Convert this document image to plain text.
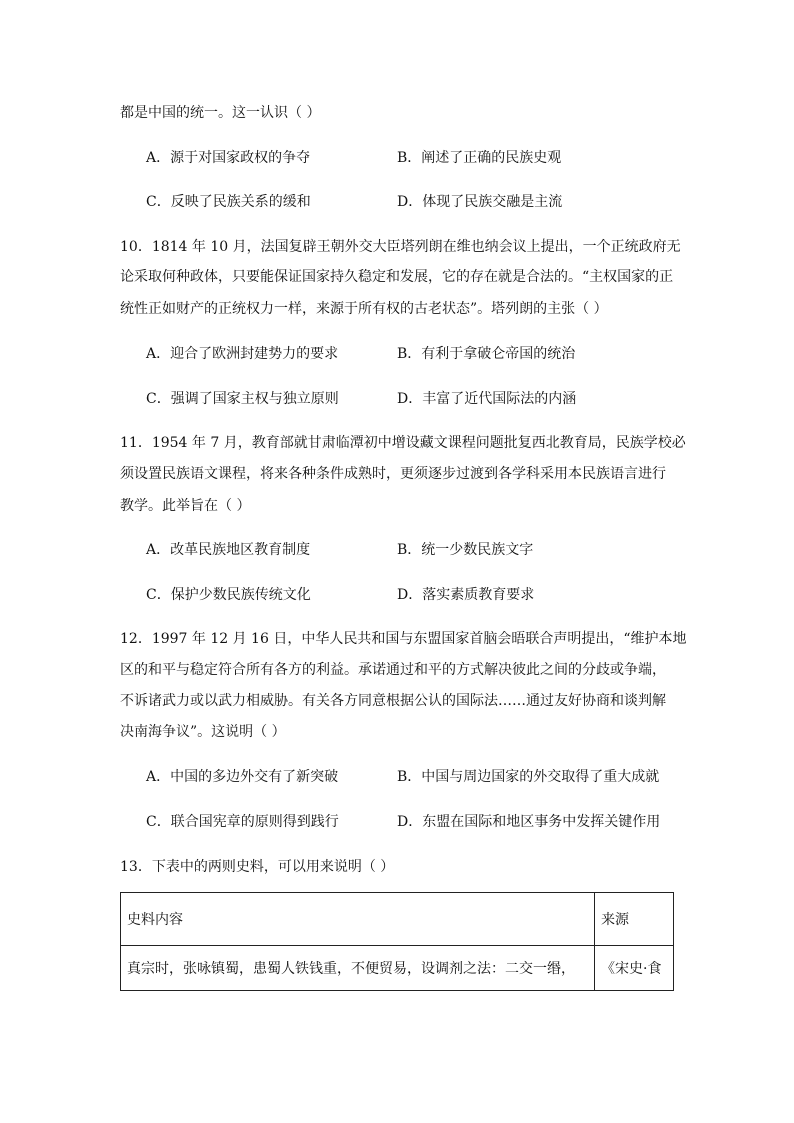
都是中国的统一。这一认识（ ）
A．源于对国家政权的争夺	B．阐述了正确的民族史观
C．反映了民族关系的缓和	D．体现了民族交融是主流
10．1814 年 10 月，法国复辟王朝外交大臣塔列朗在维也纳会议上提出，一个正统政府无
论采取何种政体，只要能保证国家持久稳定和发展，它的存在就是合法的。“主权国家的正
统性正如财产的正统权力一样，来源于所有权的古老状态”。塔列朗的主张（ ）
A．迎合了欧洲封建势力的要求	B．有利于拿破仑帝国的统治
C．强调了国家主权与独立原则	D．丰富了近代国际法的内涵
11．1954 年 7 月，教育部就甘肃临潭初中增设藏文课程问题批复西北教育局，民族学校必
须设置民族语文课程，将来各种条件成熟时，更须逐步过渡到各学科采用本民族语言进行
教学。此举旨在（ ）
A．改革民族地区教育制度	B．统一少数民族文字
C．保护少数民族传统文化	D．落实素质教育要求
12．1997 年 12 月 16 日，中华人民共和国与东盟国家首脑会晤联合声明提出，“维护本地
区的和平与稳定符合所有各方的利益。承诺通过和平的方式解决彼此之间的分歧或争端，
不诉诸武力或以武力相威胁。有关各方同意根据公认的国际法……通过友好协商和谈判解
决南海争议”。这说明（ ）
A．中国的多边外交有了新突破	B．中国与周边国家的外交取得了重大成就
C．联合国宪章的原则得到践行	D．东盟在国际和地区事务中发挥关键作用
13．下表中的两则史料，可以用来说明（ ）
史料内容	来源
真宗时，张咏镇蜀，患蜀人铁钱重，不便贸易，设调剂之法：二交一缗，	《宋史·食
